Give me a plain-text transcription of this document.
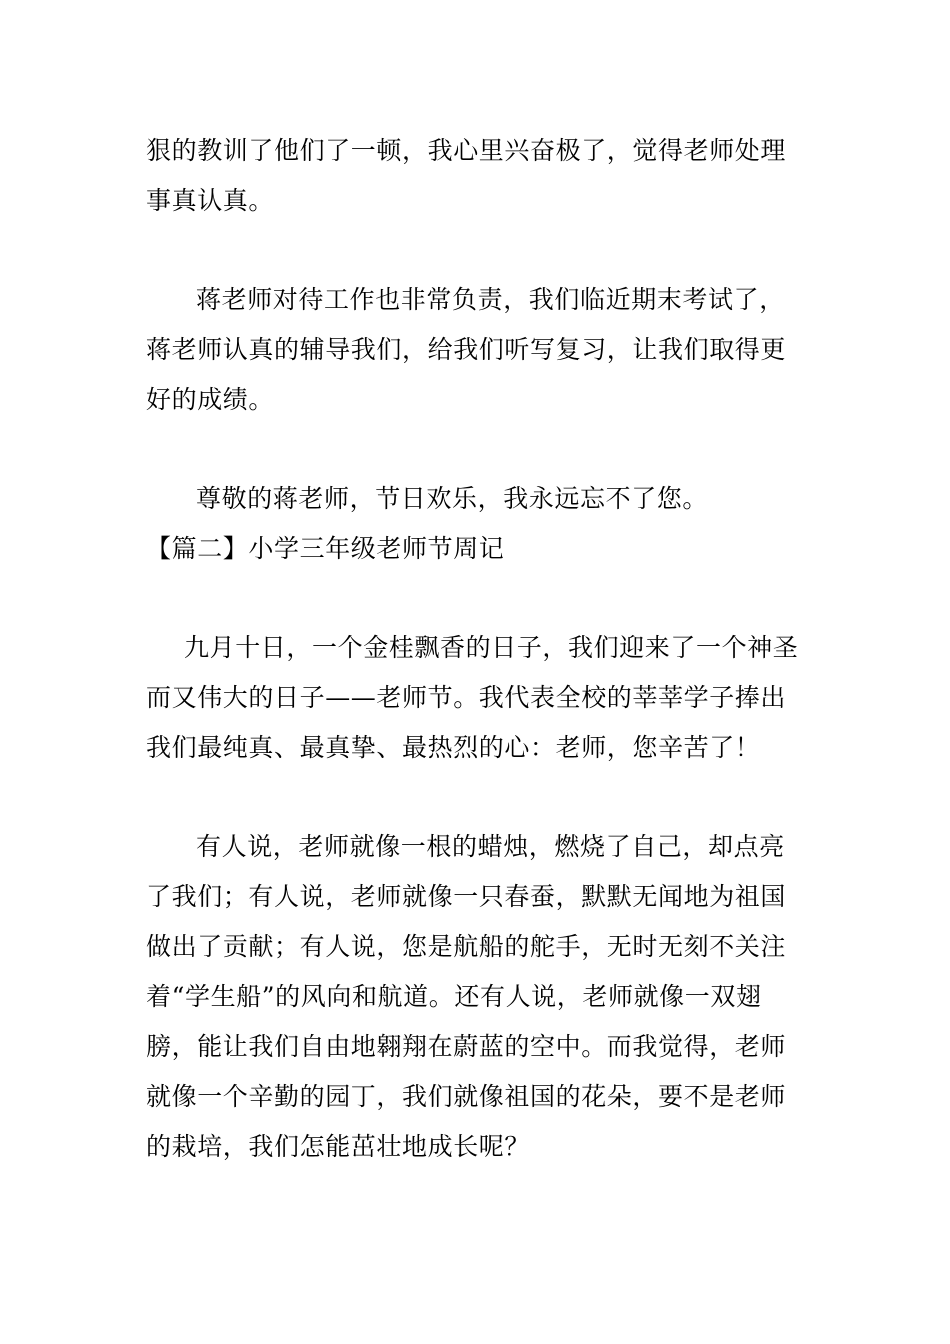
狠的教训了他们了一顿，我心里兴奋极了，觉得老师处理
事真认真。
蒋老师对待工作也非常负责，我们临近期末考试了，
蒋老师认真的辅导我们，给我们听写复习，让我们取得更
好的成绩。
尊敬的蒋老师，节日欢乐，我永远忘不了您。
【篇二】小学三年级老师节周记
九月十日，一个金桂飘香的日子，我们迎来了一个神圣
而又伟大的日子——老师节。我代表全校的莘莘学子捧出
我们最纯真、最真挚、最热烈的心：老师，您辛苦了！
有人说，老师就像一根的蜡烛，燃烧了自己，却点亮
了我们；有人说，老师就像一只春蚕，默默无闻地为祖国
做出了贡献；有人说，您是航船的舵手，无时无刻不关注
着“学生船”的风向和航道。还有人说，老师就像一双翅
膀，能让我们自由地翱翔在蔚蓝的空中。而我觉得，老师
就像一个辛勤的园丁，我们就像祖国的花朵，要不是老师
的栽培，我们怎能茁壮地成长呢？
